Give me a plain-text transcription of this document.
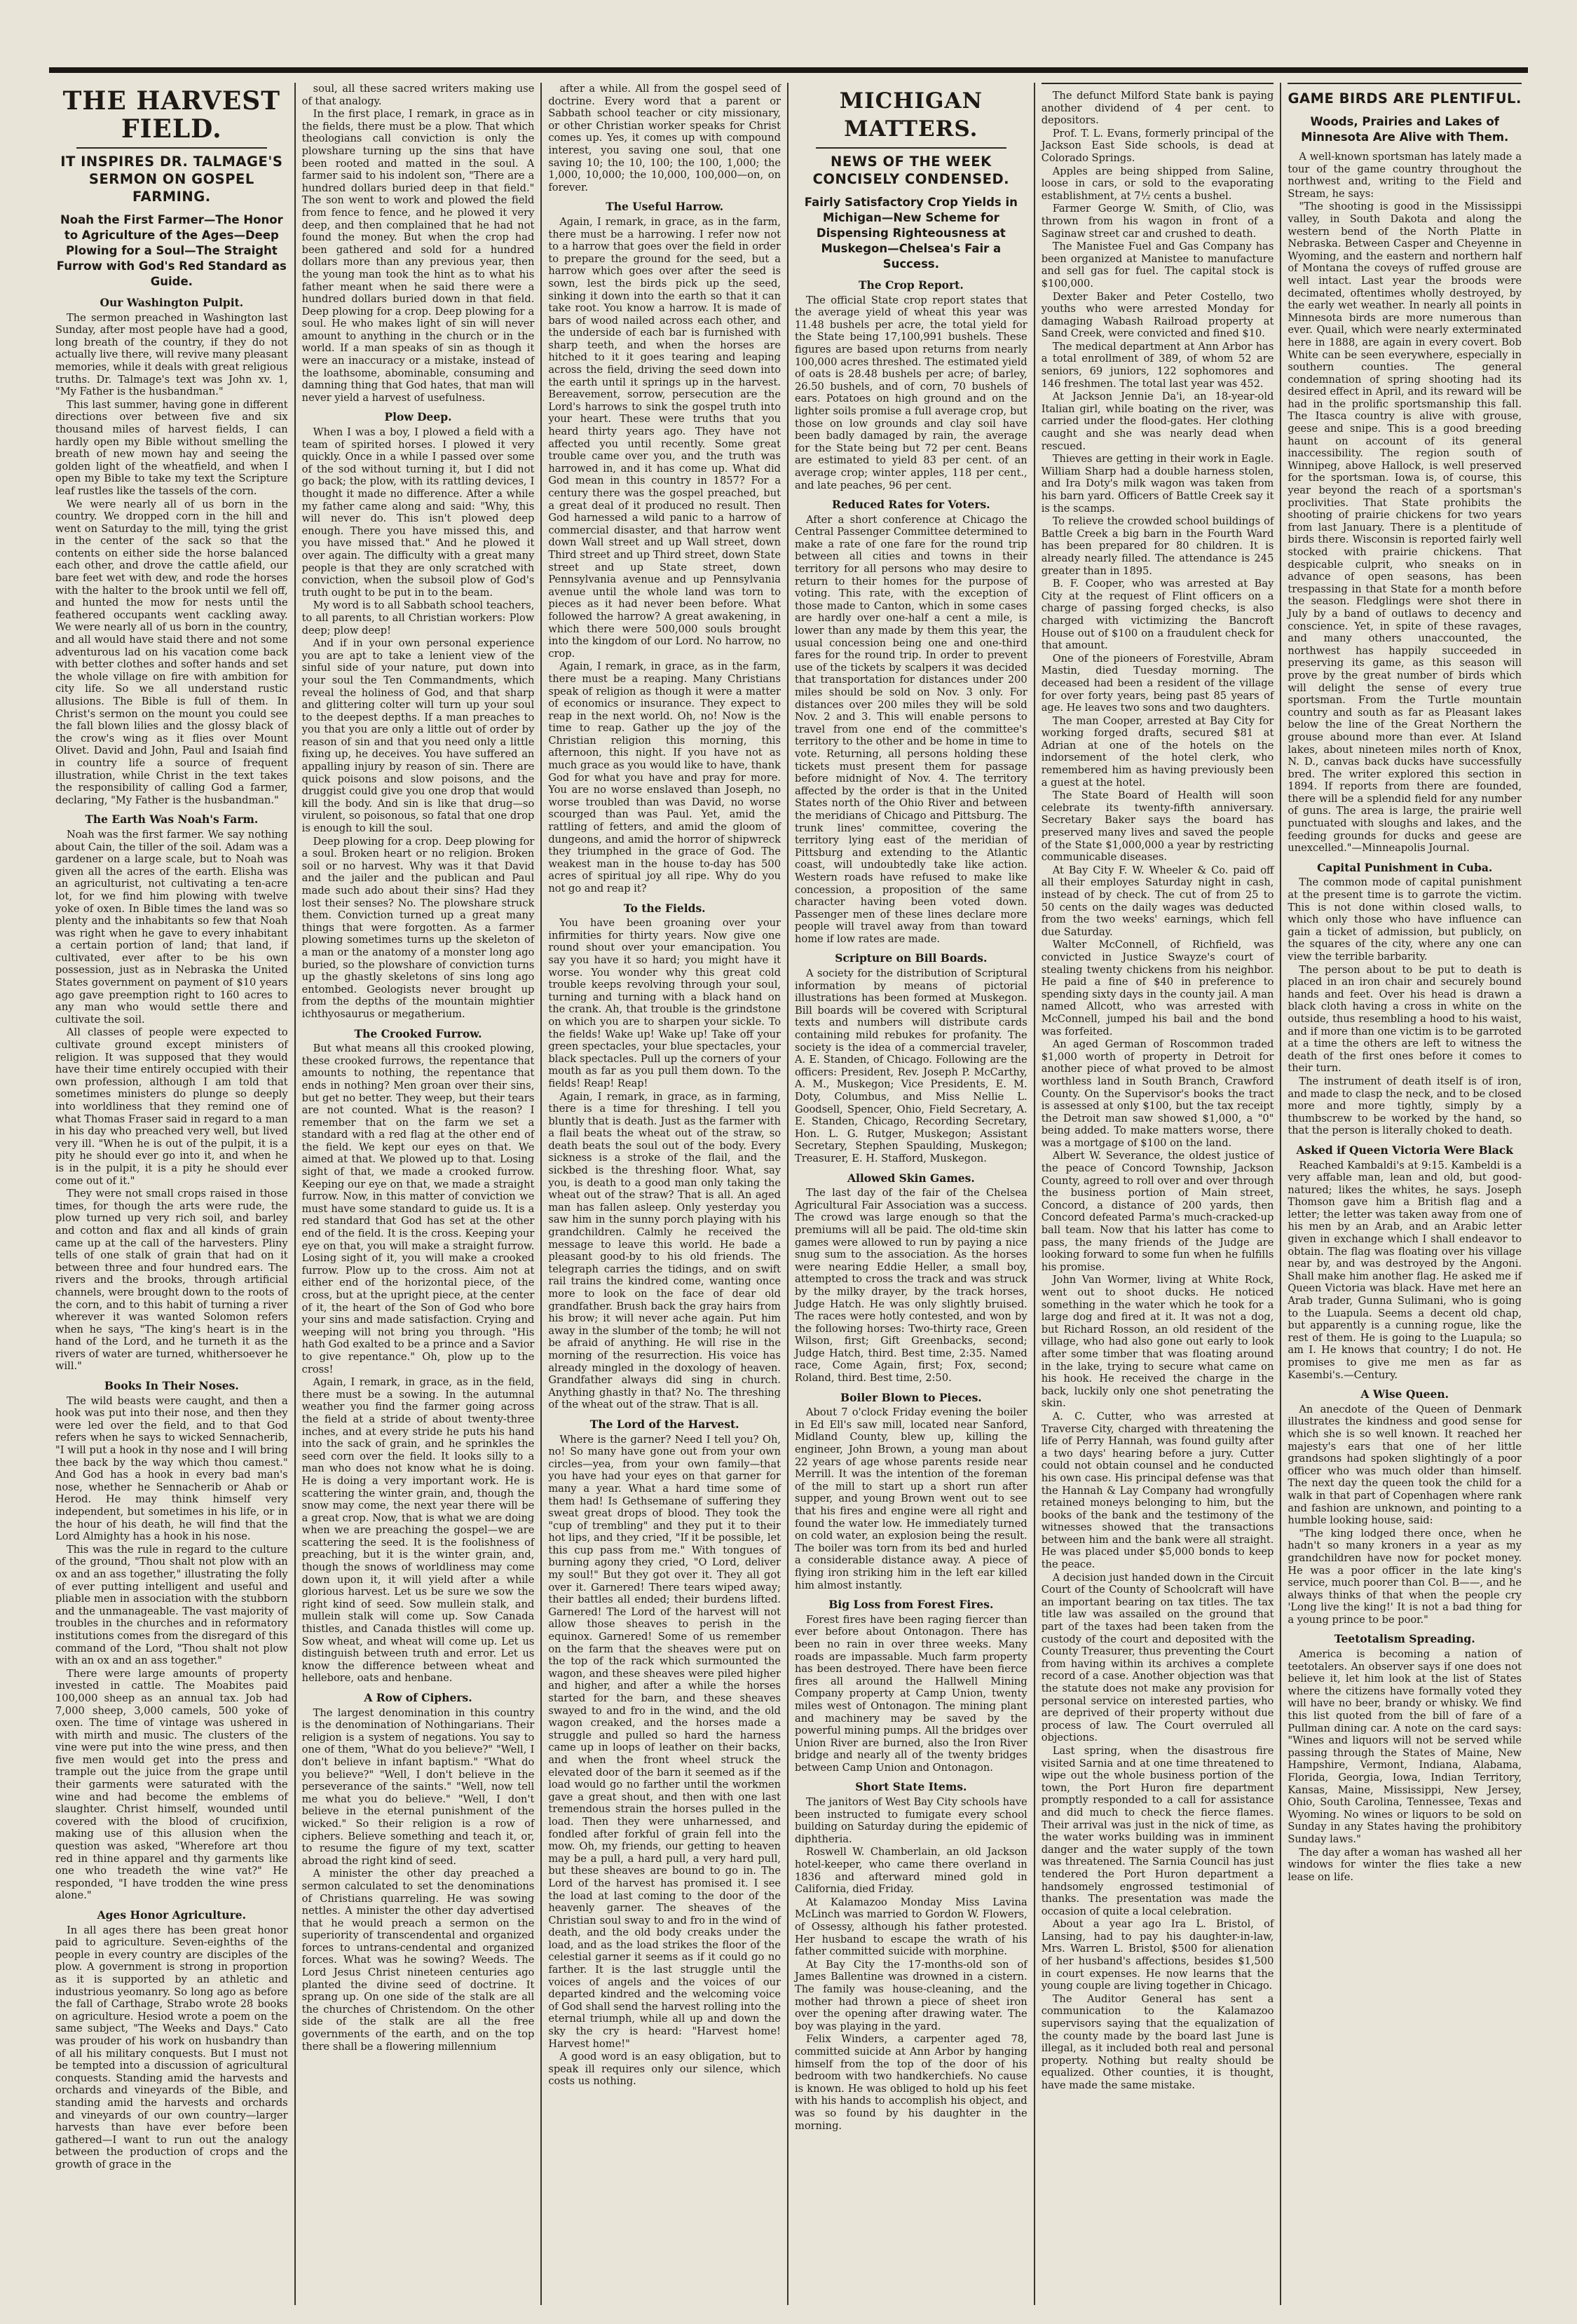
THE HARVEST FIELD.
IT INSPIRES DR. TALMAGE'S SERMON ON GOSPEL FARMING.
Noah the First Farmer—The Honor to Agriculture of the Ages—Deep Plowing for a Soul—The Straight Furrow with God's Red Standard as Guide.

Our Washington Pulpit.

The sermon preached in Washington last Sunday, after most people have had a good, long breath of the country, if they do not actually live there, will revive many pleasant memories, while it deals with great religious truths. Dr. Talmage's text was John xv. 1, "My Father is the husbandman."

This last summer, having gone in different directions over between five and six thousand miles of harvest fields, I can hardly open my Bible without smelling the breath of new mown hay and seeing the golden light of the wheatfield, and when I open my Bible to take my text the Scripture leaf rustles like the tassels of the corn.

We were nearly all of us born in the country. We dropped corn in the hill and went on Saturday to the mill, tying the grist in the center of the sack so that the contents on either side the horse balanced each other, and drove the cattle afield, our bare feet wet with dew, and rode the horses with the halter to the brook until we fell off, and hunted the mow for nests until the feathered occupants went cackling away. We were nearly all of us born in the country, and all would have staid there and not some adventurous lad on his vacation come back with better clothes and softer hands and set the whole village on fire with ambition for city life. So we all understand rustic allusions. The Bible is full of them. In Christ's sermon on the mount you could see the fall blown lilies and the glossy black of the crow's wing as it flies over Mount Olivet. David and John, Paul and Isaiah find in country life a source of frequent illustration, while Christ in the text takes the responsibility of calling God a farmer, declaring, "My Father is the husbandman."

The Earth Was Noah's Farm.

Noah was the first farmer. We say nothing about Cain, the tiller of the soil. Adam was a gardener on a large scale, but to Noah was given all the acres of the earth. Elisha was an agriculturist, not cultivating a ten-acre lot, for we find him plowing with twelve yoke of oxen. In Bible times the land was so plenty and the inhabitants so few that Noah was right when he gave to every inhabitant a certain portion of land; that land, if cultivated, ever after to be his own possession, just as in Nebraska the United States government on payment of $10 years ago gave preemption right to 160 acres to any man who would settle there and cultivate the soil.

All classes of people were expected to cultivate ground except ministers of religion. It was supposed that they would have their time entirely occupied with their own profession, although I am told that sometimes ministers do plunge so deeply into worldliness that they remind one of what Thomas Fraser said in regard to a man in his day who preached very well, but lived very ill. "When he is out of the pulpit, it is a pity he should ever go into it, and when he is in the pulpit, it is a pity he should ever come out of it."

They were not small crops raised in those times, for though the arts were rude, the plow turned up very rich soil, and barley and cotton and flax and all kinds of grain came up at the call of the harvesters. Pliny tells of one stalk of grain that had on it between three and four hundred ears. The rivers and the brooks, through artificial channels, were brought down to the roots of the corn, and to this habit of turning a river wherever it was wanted Solomon refers when he says, "The king's heart is in the hand of the Lord, and he turneth it as the rivers of water are turned, whithersoever he will."

Books In Their Noses.

The wild beasts were caught, and then a hook was put into their nose, and then they were led over the field, and to that God refers when he says to wicked Sennacherib, "I will put a hook in thy nose and I will bring thee back by the way which thou camest." And God has a hook in every bad man's nose, whether he Sennacherib or Ahab or Herod. He may think himself very independent, but sometimes in his life, or in the hour of his death, he will find that the Lord Almighty has a hook in his nose.

This was the rule in regard to the culture of the ground, "Thou shalt not plow with an ox and an ass together," illustrating the folly of ever putting intelligent and useful and pliable men in association with the stubborn and the unmanageable. The vast majority of troubles in the churches and in reformatory institutions comes from the disregard of this command of the Lord, "Thou shalt not plow with an ox and an ass together."

There were large amounts of property invested in cattle. The Moabites paid 100,000 sheep as an annual tax. Job had 7,000 sheep, 3,000 camels, 500 yoke of oxen. The time of vintage was ushered in with mirth and music. The clusters of the vine were put into the wine press, and then five men would get into the press and trample out the juice from the grape until their garments were saturated with the wine and had become the emblems of slaughter. Christ himself, wounded until covered with the blood of crucifixion, making use of this allusion when the question was asked, "Wherefore art thou red in thine apparel and thy garments like one who treadeth the wine vat?" He responded, "I have trodden the wine press alone."

Ages Honor Agriculture.

In all ages there has been great honor paid to agriculture. Seven-eighths of the people in every country are disciples of the plow. A government is strong in proportion as it is supported by an athletic and industrious yeomanry. So long ago as before the fall of Carthage, Strabo wrote 28 books on agriculture. Hesiod wrote a poem on the same subject, "The Weeks and Days." Cato was prouder of his work on husbandry than of all his military conquests. But I must not be tempted into a discussion of agricultural conquests. Standing amid the harvests and orchards and vineyards of the Bible, and standing amid the harvests and orchards and vineyards of our own country—larger harvests than have ever before been gathered—I want to run out the analogy between the production of crops and the growth of grace in the

soul, all these sacred writers making use of that analogy.

In the first place, I remark, in grace as in the fields, there must be a plow. That which theologians call conviction is only the plowshare turning up the sins that have been rooted and matted in the soul. A farmer said to his indolent son, "There are a hundred dollars buried deep in that field." The son went to work and plowed the field from fence to fence, and he plowed it very deep, and then complained that he had not found the money. But when the crop had been gathered and sold for a hundred dollars more than any previous year, then the young man took the hint as to what his father meant when he said there were a hundred dollars buried down in that field. Deep plowing for a crop. Deep plowing for a soul. He who makes light of sin will never amount to anything in the church or in the world. If a man speaks of sin as though it were an inaccuracy or a mistake, instead of the loathsome, abominable, consuming and damning thing that God hates, that man will never yield a harvest of usefulness.

Plow Deep.

When I was a boy, I plowed a field with a team of spirited horses. I plowed it very quickly. Once in a while I passed over some of the sod without turning it, but I did not go back; the plow, with its rattling devices, I thought it made no difference. After a while my father came along and said: "Why, this will never do. This isn't plowed deep enough. There you have missed this, and you have missed that." And he plowed it over again. The difficulty with a great many people is that they are only scratched with conviction, when the subsoil plow of God's truth ought to be put in to the beam.

My word is to all Sabbath school teachers, to all parents, to all Christian workers: Plow deep; plow deep!

And if in your own personal experience you are apt to take a lenient view of the sinful side of your nature, put down into your soul the Ten Commandments, which reveal the holiness of God, and that sharp and glittering colter will turn up your soul to the deepest depths. If a man preaches to you that you are only a little out of order by reason of sin and that you need only a little fixing up, he deceives. You have suffered an appalling injury by reason of sin. There are quick poisons and slow poisons, and the druggist could give you one drop that would kill the body. And sin is like that drug—so virulent, so poisonous, so fatal that one drop is enough to kill the soul.

Deep plowing for a crop. Deep plowing for a soul. Broken heart or no religion. Broken soil or no harvest. Why was it that David and the jailer and the publican and Paul made such ado about their sins? Had they lost their senses? No. The plowshare struck them. Conviction turned up a great many things that were forgotten. As a farmer plowing sometimes turns up the skeleton of a man or the anatomy of a monster long ago buried, so the plowshare of conviction turns up the ghastly skeletons of sins long ago entombed. Geologists never brought up from the depths of the mountain mightier ichthyosaurus or megatherium.

The Crooked Furrow.

But what means all this crooked plowing, these crooked furrows, the repentance that amounts to nothing, the repentance that ends in nothing? Men groan over their sins, but get no better. They weep, but their tears are not counted. What is the reason? I remember that on the farm we set a standard with a red flag at the other end of the field. We kept our eyes on that. We aimed at that. We plowed up to that. Losing sight of that, we made a crooked furrow. Keeping our eye on that, we made a straight furrow. Now, in this matter of conviction we must have some standard to guide us. It is a red standard that God has set at the other end of the field. It is the cross. Keeping your eye on that, you will make a straight furrow. Losing sight of it, you will make a crooked furrow. Plow up to the cross. Aim not at either end of the horizontal piece, of the cross, but at the upright piece, at the center of it, the heart of the Son of God who bore your sins and made satisfaction. Crying and weeping will not bring you through. "His hath God exalted to be a prince and a Savior to give repentance." Oh, plow up to the cross!

Again, I remark, in grace, as in the field, there must be a sowing. In the autumnal weather you find the farmer going across the field at a stride of about twenty-three inches, and at every stride he puts his hand into the sack of grain, and he sprinkles the seed corn over the field. It looks silly to a man who does not know what he is doing. He is doing a very important work. He is scattering the winter grain, and, though the snow may come, the next year there will be a great crop. Now, that is what we are doing when we are preaching the gospel—we are scattering the seed. It is the foolishness of preaching, but it is the winter grain, and, though the snows of worldliness may come down upon it, it will yield after a while glorious harvest. Let us be sure we sow the right kind of seed. Sow mullein stalk, and mullein stalk will come up. Sow Canada thistles, and Canada thistles will come up. Sow wheat, and wheat will come up. Let us distinguish between truth and error. Let us know the difference between wheat and hellebore, oats and henbane.

A Row of Ciphers.

The largest denomination in this country is the denomination of Nothingarians. Their religion is a system of negations. You say to one of them, "What do you believe?" "Well, I don't believe in infant baptism." "What do you believe?" "Well, I don't believe in the perseverance of the saints." "Well, now tell me what you do believe." "Well, I don't believe in the eternal punishment of the wicked." So their religion is a row of ciphers. Believe something and teach it, or, to resume the figure of my text, scatter abroad the right kind of seed.

A minister the other day preached a sermon calculated to set the denominations of Christians quarreling. He was sowing nettles. A minister the other day advertised that he would preach a sermon on the superiority of transcendental and organized forces to untrans-cendental and organized forces. What was he sowing? Weeds. The Lord Jesus Christ nineteen centuries ago planted the divine seed of doctrine. It sprang up. On one side of the stalk are all the churches of Christendom. On the other side of the stalk are all the free governments of the earth, and on the top there shall be a flowering millennium

after a while. All from the gospel seed of doctrine. Every word that a parent or Sabbath school teacher or city missionary, or other Christian worker speaks for Christ comes up. Yes, it comes up with compound interest, you saving one soul, that one saving 10; the 10, 100; the 100, 1,000; the 1,000, 10,000; the 10,000, 100,000—on, on forever.

The Useful Harrow.

Again, I remark, in grace, as in the farm, there must be a harrowing. I refer now not to a harrow that goes over the field in order to prepare the ground for the seed, but a harrow which goes over after the seed is sown, lest the birds pick up the seed, sinking it down into the earth so that it can take root. You know a harrow. It is made of bars of wood nailed across each other, and the underside of each bar is furnished with sharp teeth, and when the horses are hitched to it it goes tearing and leaping across the field, driving the seed down into the earth until it springs up in the harvest. Bereavement, sorrow, persecution are the Lord's harrows to sink the gospel truth into your heart. These were truths that you heard thirty years ago. They have not affected you until recently. Some great trouble came over you, and the truth was harrowed in, and it has come up. What did God mean in this country in 1857? For a century there was the gospel preached, but a great deal of it produced no result. Then God harnessed a wild panic to a harrow of commercial disaster, and that harrow went down Wall street and up Wall street, down Third street and up Third street, down State street and up State street, down Pennsylvania avenue and up Pennsylvania avenue until the whole land was torn to pieces as it had never been before. What followed the harrow? A great awakening, in which there were 500,000 souls brought into the kingdom of our Lord. No harrow, no crop.

Again, I remark, in grace, as in the farm, there must be a reaping. Many Christians speak of religion as though it were a matter of economics or insurance. They expect to reap in the next world. Oh, no! Now is the time to reap. Gather up the joy of the Christian religion this morning, this afternoon, this night. If you have not as much grace as you would like to have, thank God for what you have and pray for more. You are no worse enslaved than Joseph, no worse troubled than was David, no worse scourged than was Paul. Yet, amid the rattling of fetters, and amid the gloom of dungeons, and amid the horror of shipwreck they triumphed in the grace of God. The weakest man in the house to-day has 500 acres of spiritual joy all ripe. Why do you not go and reap it?

To the Fields.

You have been groaning over your infirmities for thirty years. Now give one round shout over your emancipation. You say you have it so hard; you might have it worse. You wonder why this great cold trouble keeps revolving through your soul, turning and turning with a black hand on the crank. Ah, that trouble is the grindstone on which you are to sharpen your sickle. To the fields! Wake up! Wake up! Take off your green spectacles, your blue spectacles, your black spectacles. Pull up the corners of your mouth as far as you pull them down. To the fields! Reap! Reap!

Again, I remark, in grace, as in farming, there is a time for threshing. I tell you bluntly that is death. Just as the farmer with a flail beats the wheat out of the straw, so death beats the soul out of the body. Every sickness is a stroke of the flail, and the sickbed is the threshing floor. What, say you, is death to a good man only taking the wheat out of the straw? That is all. An aged man has fallen asleep. Only yesterday you saw him in the sunny porch playing with his grandchildren. Calmly he received the message to leave this world. He bade a pleasant good-by to his old friends. The telegraph carries the tidings, and on swift rail trains the kindred come, wanting once more to look on the face of dear old grandfather. Brush back the gray hairs from his brow; it will never ache again. Put him away in the slumber of the tomb; he will not be afraid of anything. He will rise in the morning of the resurrection. His voice has already mingled in the doxology of heaven. Grandfather always did sing in church. Anything ghastly in that? No. The threshing of the wheat out of the straw. That is all.

The Lord of the Harvest.

Where is the garner? Need I tell you? Oh, no! So many have gone out from your own circles—yea, from your own family—that you have had your eyes on that garner for many a year. What a hard time some of them had! Is Gethsemane of suffering they sweat great drops of blood. They took the "cup of trembling" and they put it to their hot lips, and they cried, "If it be possible, let this cup pass from me." With tongues of burning agony they cried, "O Lord, deliver my soul!" But they got over it. They all got over it. Garnered! There tears wiped away; their battles all ended; their burdens lifted. Garnered! The Lord of the harvest will not allow those sheaves to perish in the equinox. Garnered! Some of us remember on the farm that the sheaves were put on the top of the rack which surmounted the wagon, and these sheaves were piled higher and higher, and after a while the horses started for the barn, and these sheaves swayed to and fro in the wind, and the old wagon creaked, and the horses made a struggle and pulled so hard the harness came up in loops of leather on their backs, and when the front wheel struck the elevated door of the barn it seemed as if the load would go no farther until the workmen gave a great shout, and then with one last tremendous strain the horses pulled in the load. Then they were unharnessed, and fondled after forkful of grain fell into the mow. Oh, my friends, our getting to heaven may be a pull, a hard pull, a very hard pull, but these sheaves are bound to go in. The Lord of the harvest has promised it. I see the load at last coming to the door of the heavenly garner. The sheaves of the Christian soul sway to and fro in the wind of death, and the old body creaks under the load, and as the load strikes the floor of the celestial garner it seems as if it could go no farther. It is the last struggle until the voices of angels and the voices of our departed kindred and the welcoming voice of God shall send the harvest rolling into the eternal triumph, while all up and down the sky the cry is heard: "Harvest home! Harvest home!"

A good word is an easy obligation, but to speak ill requires only our silence, which costs us nothing.

MICHIGAN MATTERS.
NEWS OF THE WEEK CONCISELY CONDENSED.
Fairly Satisfactory Crop Yields in Michigan—New Scheme for Dispensing Righteousness at Muskegon—Chelsea's Fair a Success.

The Crop Report.

The official State crop report states that the average yield of wheat this year was 11.48 bushels per acre, the total yield for the State being 17,100,991 bushels. These figures are based upon returns from nearly 100,000 acres threshed. The estimated yield of oats is 28.48 bushels per acre; of barley, 26.50 bushels, and of corn, 70 bushels of ears. Potatoes on high ground and on the lighter soils promise a full average crop, but those on low grounds and clay soil have been badly damaged by rain, the average for the State being but 72 per cent. Beans are estimated to yield 83 per cent. of an average crop; winter apples, 118 per cent., and late peaches, 96 per cent.

Reduced Rates for Voters.

After a short conference at Chicago the Central Passenger Committee determined to make a rate of one fare for the round trip between all cities and towns in their territory for all persons who may desire to return to their homes for the purpose of voting. This rate, with the exception of those made to Canton, which in some cases are hardly over one-half a cent a mile, is lower than any made by them this year, the usual concession being one and one-third fares for the round trip. In order to prevent use of the tickets by scalpers it was decided that transportation for distances under 200 miles should be sold on Nov. 3 only. For distances over 200 miles they will be sold Nov. 2 and 3. This will enable persons to travel from one end of the committee's territory to the other and be home in time to vote. Returning, all persons holding these tickets must present them for passage before midnight of Nov. 4. The territory affected by the order is that in the United States north of the Ohio River and between the meridians of Chicago and Pittsburg. The trunk lines' committee, covering the territory lying east of the meridian of Pittsburg and extending to the Atlantic coast, will undoubtedly take like action. Western roads have refused to make like concession, a proposition of the same character having been voted down. Passenger men of these lines declare more people will travel away from than toward home if low rates are made.

Scripture on Bill Boards.

A society for the distribution of Scriptural information by means of pictorial illustrations has been formed at Muskegon. Bill boards will be covered with Scriptural texts and numbers will distribute cards containing mild rebukes for profanity. The society is the idea of a commercial traveler, A. E. Standen, of Chicago. Following are the officers: President, Rev. Joseph P. McCarthy, A. M., Muskegon; Vice Presidents, E. M. Doty, Columbus, and Miss Nellie L. Goodsell, Spencer, Ohio, Field Secretary, A. E. Standen, Chicago, Recording Secretary, Hon. L. G. Rutger, Muskegon; Assistant Secretary, Stephen Spaulding, Muskegon; Treasurer, E. H. Stafford, Muskegon.

Allowed Skin Games.

The last day of the fair of the Chelsea Agricultural Fair Association was a success. The crowd was large enough so that the premiums will all be paid. The old-time skin games were allowed to run by paying a nice snug sum to the association. As the horses were nearing Eddie Heller, a small boy, attempted to cross the track and was struck by the milky drayer, by the track horses, Judge Hatch. He was only slightly bruised. The races were hotly contested, and won by the following horses: Two-thirty race, Green Wilson, first; Gift Greenbacks, second; Judge Hatch, third. Best time, 2:35. Named race, Come Again, first; Fox, second; Roland, third. Best time, 2:50.

Boiler Blown to Pieces.

About 7 o'clock Friday evening the boiler in Ed Ell's saw mill, located near Sanford, Midland County, blew up, killing the engineer, John Brown, a young man about 22 years of age whose parents reside near Merrill. It was the intention of the foreman of the mill to start up a short run after supper, and young Brown went out to see that his fires and engine were all right and found the water low. He immediately turned on cold water, an explosion being the result. The boiler was torn from its bed and hurled a considerable distance away. A piece of flying iron striking him in the left ear killed him almost instantly.

Big Loss from Forest Fires.

Forest fires have been raging fiercer than ever before about Ontonagon. There has been no rain in over three weeks. Many roads are impassable. Much farm property has been destroyed. There have been fierce fires all around the Hallwell Mining Company property at Camp Union, twenty miles west of Ontonagon. The mining plant and machinery may be saved by the powerful mining pumps. All the bridges over Union River are burned, also the Iron River bridge and nearly all of the twenty bridges between Camp Union and Ontonagon.

Short State Items.

The janitors of West Bay City schools have been instructed to fumigate every school building on Saturday during the epidemic of diphtheria.

Roswell W. Chamberlain, an old Jackson hotel-keeper, who came there overland in 1836 and afterward mined gold in California, died Friday.

At Kalamazoo Monday Miss Lavina McLinch was married to Gordon W. Flowers, of Ossessy, although his father protested. Her husband to escape the wrath of his father committed suicide with morphine.

At Bay City the 17-months-old son of James Ballentine was drowned in a cistern. The family was house-cleaning, and the mother had thrown a piece of sheet iron over the opening after drawing water. The boy was playing in the yard.

Felix Winders, a carpenter aged 78, committed suicide at Ann Arbor by hanging himself from the top of the door of his bedroom with two handkerchiefs. No cause is known. He was obliged to hold up his feet with his hands to accomplish his object, and was so found by his daughter in the morning.

The defunct Milford State bank is paying another dividend of 4 per cent. to depositors.

Prof. T. L. Evans, formerly principal of the Jackson East Side schools, is dead at Colorado Springs.

Apples are being shipped from Saline, loose in cars, or sold to the evaporating establishment, at 7½ cents a bushel.

Farmer George W. Smith, of Clio, was thrown from his wagon in front of a Saginaw street car and crushed to death.

The Manistee Fuel and Gas Company has been organized at Manistee to manufacture and sell gas for fuel. The capital stock is $100,000.

Dexter Baker and Peter Costello, two youths who were arrested Monday for damaging Wabash Railroad property at Sand Creek, were convicted and fined $10.

The medical department at Ann Arbor has a total enrollment of 389, of whom 52 are seniors, 69 juniors, 122 sophomores and 146 freshmen. The total last year was 452.

At Jackson Jennie Da'i, an 18-year-old Italian girl, while boating on the river, was carried under the flood-gates. Her clothing caught and she was nearly dead when rescued.

Thieves are getting in their work in Eagle. William Sharp had a double harness stolen, and Ira Doty's milk wagon was taken from his barn yard. Officers of Battle Creek say it is the scamps.

To relieve the crowded school buildings of Battle Creek a big barn in the Fourth Ward has been prepared for 80 children. It is already nearly filled. The attendance is 245 greater than in 1895.

B. F. Cooper, who was arrested at Bay City at the request of Flint officers on a charge of passing forged checks, is also charged with victimizing the Bancroft House out of $100 on a fraudulent check for that amount.

One of the pioneers of Forestville, Abram Mastin, died Tuesday morning. The deceased had been a resident of the village for over forty years, being past 85 years of age. He leaves two sons and two daughters.

The man Cooper, arrested at Bay City for working forged drafts, secured $81 at Adrian at one of the hotels on the indorsement of the hotel clerk, who remembered him as having previously been a guest at the hotel.

The State Board of Health will soon celebrate its twenty-fifth anniversary. Secretary Baker says the board has preserved many lives and saved the people of the State $1,000,000 a year by restricting communicable diseases.

At Bay City F. W. Wheeler & Co. paid off all their employes Saturday night in cash, instead of by check. The cut of from 25 to 50 cents on the daily wages was deducted from the two weeks' earnings, which fell due Saturday.

Walter McConnell, of Richfield, was convicted in Justice Swayze's court of stealing twenty chickens from his neighbor. He paid a fine of $40 in preference to spending sixty days in the county jail. A man named Allcott, who was arrested with McConnell, jumped his bail and the bond was forfeited.

An aged German of Roscommon traded $1,000 worth of property in Detroit for another piece of what proved to be almost worthless land in South Branch, Crawford County. On the Supervisor's books the tract is assessed at only $100, but the tax receipt the Detroit man saw showed $1,000, a "0" being added. To make matters worse, there was a mortgage of $100 on the land.

Albert W. Severance, the oldest justice of the peace of Concord Township, Jackson County, agreed to roll over and over through the business portion of Main street, Concord, a distance of 200 yards, then Concord defeated Parma's much-cracked-up ball team. Now that his latter has come to pass, the many friends of the Judge are looking forward to some fun when he fulfills his promise.

John Van Wormer, living at White Rock, went out to shoot ducks. He noticed something in the water which he took for a large dog and fired at it. It was not a dog, but Richard Rosson, an old resident of the village, who had also gone out early to look after some timber that was floating around in the lake, trying to secure what came on his hook. He received the charge in the back, luckily only one shot penetrating the skin.

A. C. Cutter, who was arrested at Traverse City, charged with threatening the life of Perry Hannah, was found guilty after a two days' hearing before a jury. Cutter could not obtain counsel and he conducted his own case. His principal defense was that the Hannah & Lay Company had wrongfully retained moneys belonging to him, but the books of the bank and the testimony of the witnesses showed that the transactions between him and the bank were all straight. He was placed under $5,000 bonds to keep the peace.

A decision just handed down in the Circuit Court of the County of Schoolcraft will have an important bearing on tax titles. The tax title law was assailed on the ground that part of the taxes had been taken from the custody of the court and deposited with the County Treasurer, thus preventing the Court from having within its archives a complete record of a case. Another objection was that the statute does not make any provision for personal service on interested parties, who are deprived of their property without due process of law. The Court overruled all objections.

Last spring, when the disastrous fire visited Sarnia and at one time threatened to wipe out the whole business portion of the town, the Port Huron fire department promptly responded to a call for assistance and did much to check the fierce flames. Their arrival was just in the nick of time, as the water works building was in imminent danger and the water supply of the town was threatened. The Sarnia Council has just tendered the Port Huron department a handsomely engrossed testimonial of thanks. The presentation was made the occasion of quite a local celebration.

About a year ago Ira L. Bristol, of Lansing, had to pay his daughter-in-law, Mrs. Warren L. Bristol, $500 for alienation of her husband's affections, besides $1,500 in court expenses. He now learns that the young couple are living together in Chicago.

The Auditor General has sent a communication to the Kalamazoo supervisors saying that the equalization of the county made by the board last June is illegal, as it included both real and personal property. Nothing but realty should be equalized. Other counties, it is thought, have made the same mistake.

GAME BIRDS ARE PLENTIFUL.
Woods, Prairies and Lakes of Minnesota Are Alive with Them.

A well-known sportsman has lately made a tour of the game country throughout the northwest and, writing to the Field and Stream, he says:

"The shooting is good in the Mississippi valley, in South Dakota and along the western bend of the North Platte in Nebraska. Between Casper and Cheyenne in Wyoming, and the eastern and northern half of Montana the coveys of ruffed grouse are well intact. Last year the broods were decimated, oftentimes wholly destroyed, by the early wet weather. In nearly all points in Minnesota birds are more numerous than ever. Quail, which were nearly exterminated here in 1888, are again in every covert. Bob White can be seen everywhere, especially in southern counties. The general condemnation of spring shooting had its desired effect in April, and its reward will be had in the prolific sportsmanship this fall. The Itasca country is alive with grouse, geese and snipe. This is a good breeding haunt on account of its general inaccessibility. The region south of Winnipeg, above Hallock, is well preserved for the sportsman. Iowa is, of course, this year beyond the reach of a sportsman's proclivities. That State prohibits the shooting of prairie chickens for two years from last January. There is a plentitude of birds there. Wisconsin is reported fairly well stocked with prairie chickens. That despicable culprit, who sneaks on in advance of open seasons, has been trespassing in that State for a month before the season. Fledglings were shot there in July by a band of outlaws to decency and conscience. Yet, in spite of these ravages, and many others unaccounted, the northwest has happily succeeded in preserving its game, as this season will prove by the great number of birds which will delight the sense of every true sportsman. From the Turtle mountain country and south as far as Pleasant lakes below the line of the Great Northern the grouse abound more than ever. At Island lakes, about nineteen miles north of Knox, N. D., canvas back ducks have successfully bred. The writer explored this section in 1894. If reports from there are founded, there will be a splendid field for any number of guns. The area is large, the prairie well punctuated with sloughs and lakes, and the feeding grounds for ducks and geese are unexcelled."—Minneapolis Journal.

Capital Punishment in Cuba.

The common mode of capital punishment at the present time is to garrote the victim. This is not done within closed walls, to which only those who have influence can gain a ticket of admission, but publicly, on the squares of the city, where any one can view the terrible barbarity.

The person about to be put to death is placed in an iron chair and securely bound hands and feet. Over his head is drawn a black cloth having a cross in white on the outside, thus resembling a hood to his waist, and if more than one victim is to be garroted at a time the others are left to witness the death of the first ones before it comes to their turn.

The instrument of death itself is of iron, and made to clasp the neck, and to be closed more and more tightly, simply by a thumbscrew to be worked by the hand, so that the person is literally choked to death.

Asked if Queen Victoria Were Black

Reached Kambaldi's at 9:15. Kambeldi is a very affable man, lean and old, but good-natured; likes the whites, he says. Joseph Thomson gave him a British flag and a letter; the letter was taken away from one of his men by an Arab, and an Arabic letter given in exchange which I shall endeavor to obtain. The flag was floating over his village near by, and was destroyed by the Angoni. Shall make him another flag. He asked me if Queen Victoria was black. Have met here an Arab trader, Gunna Sulimani, who is going to the Luapula. Seems a decent old chap, but apparently is a cunning rogue, like the rest of them. He is going to the Luapula; so am I. He knows that country; I do not. He promises to give me men as far as Kasembi's.—Century.

A Wise Queen.

An anecdote of the Queen of Denmark illustrates the kindness and good sense for which she is so well known. It reached her majesty's ears that one of her little grandsons had spoken slightingly of a poor officer who was much older than himself. The next day the queen took the child for a walk in that part of Copenhagen where rank and fashion are unknown, and pointing to a humble looking house, said:

"The king lodged there once, when he hadn't so many kroners in a year as my grandchildren have now for pocket money. He was a poor officer in the late king's service, much poorer than Col. B——, and he always thinks of that when the people cry 'Long live the king!' It is not a bad thing for a young prince to be poor."

Teetotalism Spreading.

America is becoming a nation of teetotalers. An observer says if one does not believe it, let him look at the list of States where the citizens have formally voted they will have no beer, brandy or whisky. We find this list quoted from the bill of fare of a Pullman dining car. A note on the card says: "Wines and liquors will not be served while passing through the States of Maine, New Hampshire, Vermont, Indiana, Alabama, Florida, Georgia, Iowa, Indian Territory, Kansas, Maine, Mississippi, New Jersey, Ohio, South Carolina, Tennessee, Texas and Wyoming. No wines or liquors to be sold on Sunday in any States having the prohibitory Sunday laws."

The day after a woman has washed all her windows for winter the flies take a new lease on life.
